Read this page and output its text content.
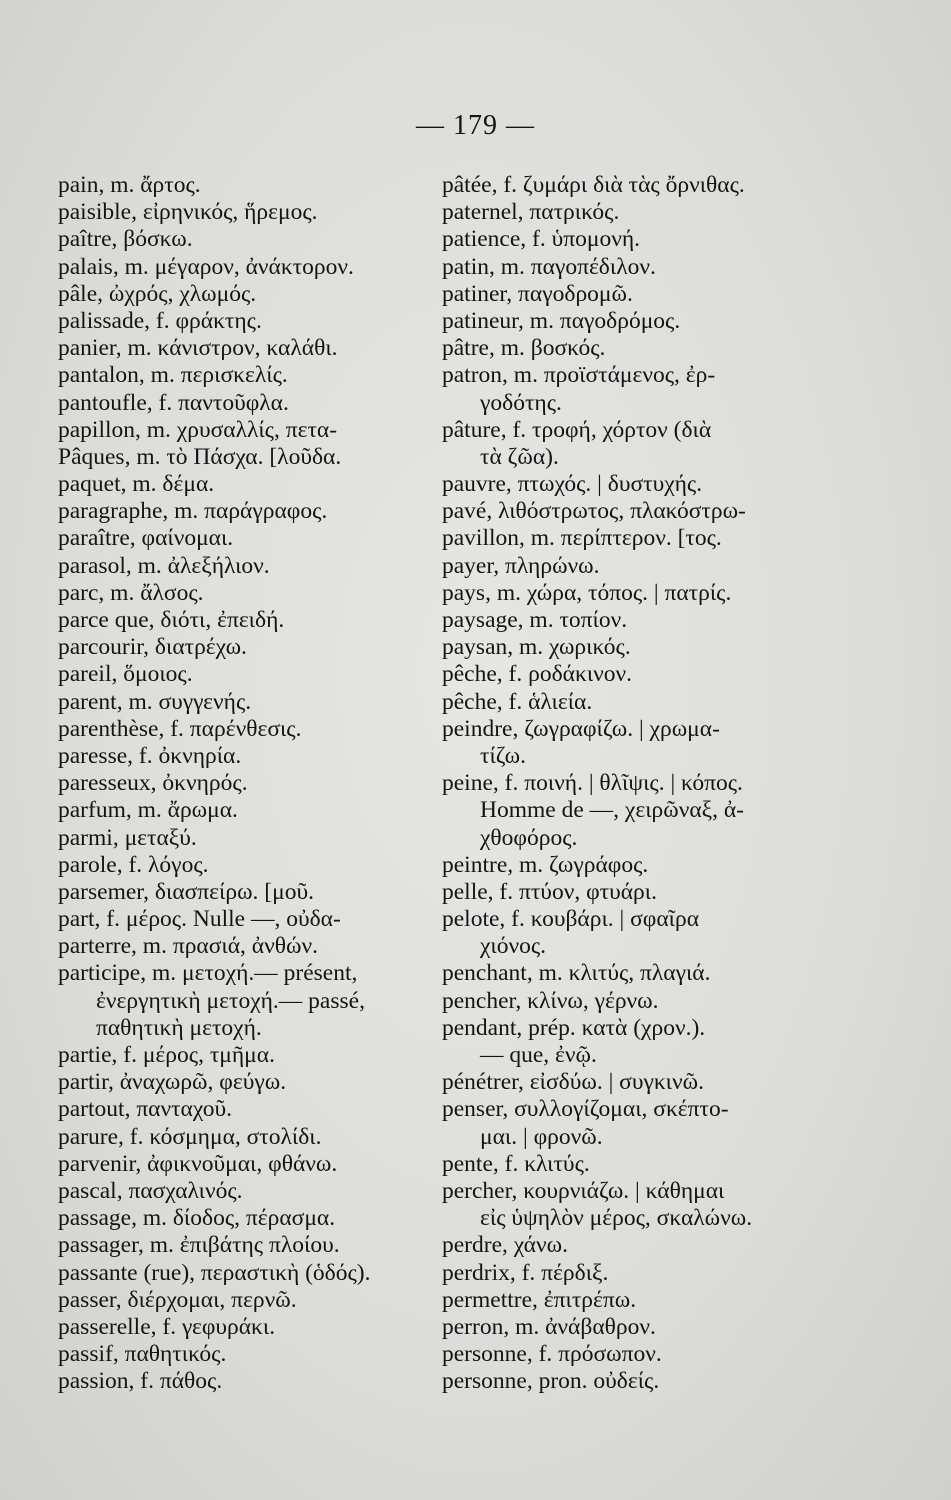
— 179 —
pain, m. ἄρτος.
paisible, εἰρηνικός, ἥρεμος.
paître, βόσκω.
palais, m. μέγαρον, ἀνάκτορον.
pâle, ὠχρός, χλωμός.
palissade, f. φράκτης.
panier, m. κάνιστρον, καλάθι.
pantalon, m. περισκελίς.
pantoufle, f. παντοῦφλα.
papillon, m. χρυσαλλίς, πετα-
Pâques, m. τὸ Πάσχα. [λοῦδα.
paquet, m. δέμα.
paragraphe, m. παράγραφος.
paraître, φαίνομαι.
parasol, m. ἀλεξήλιον.
parc, m. ἄλσος.
parce que, διότι, ἐπειδή.
parcourir, διατρέχω.
pareil, ὅμοιος.
parent, m. συγγενής.
parenthèse, f. παρένθεσις.
paresse, f. ὀκνηρία.
paresseux, ὀκνηρός.
parfum, m. ἄρωμα.
parmi, μεταξύ.
parole, f. λόγος.
parsemer, διασπείρω. [μοῦ.
part, f. μέρος. Nulle —, οὐδα-
parterre, m. πρασιά, ἀνθών.
participe, m. μετοχή.— présent,
ἐνεργητικὴ μετοχή.— passé,
παθητικὴ μετοχή.
partie, f. μέρος, τμῆμα.
partir, ἀναχωρῶ, φεύγω.
partout, πανταχοῦ.
parure, f. κόσμημα, στολίδι.
parvenir, ἀφικνοῦμαι, φθάνω.
pascal, πασχαλινός.
passage, m. δίοδος, πέρασμα.
passager, m. ἐπιβάτης πλοίου.
passante (rue), περαστικὴ (ὁδός).
passer, διέρχομαι, περνῶ.
passerelle, f. γεφυράκι.
passif, παθητικός.
passion, f. πάθος.
pâtée, f. ζυμάρι διὰ τὰς ὄρνιθας.
paternel, πατρικός.
patience, f. ὑπομονή.
patin, m. παγοπέδιλον.
patiner, παγοδρομῶ.
patineur, m. παγοδρόμος.
pâtre, m. βοσκός.
patron, m. προϊστάμενος, ἐρ-
γοδότης.
pâture, f. τροφή, χόρτον (διὰ
τὰ ζῶα).
pauvre, πτωχός. | δυστυχής.
pavé, λιθόστρωτος, πλακόστρω-
pavillon, m. περίπτερον. [τος.
payer, πληρώνω.
pays, m. χώρα, τόπος. | πατρίς.
paysage, m. τοπίον.
paysan, m. χωρικός.
pêche, f. ροδάκινον.
pêche, f. ἁλιεία.
peindre, ζωγραφίζω. | χρωμα-
τίζω.
peine, f. ποινή. | θλῖψις. | κόπος.
Homme de —, χειρῶναξ, ἀ-
χθοφόρος.
peintre, m. ζωγράφος.
pelle, f. πτύον, φτυάρι.
pelote, f. κουβάρι. | σφαῖρα
χιόνος.
penchant, m. κλιτύς, πλαγιά.
pencher, κλίνω, γέρνω.
pendant, prép. κατὰ (χρον.).
— que, ἐνῷ.
pénétrer, εἰσδύω. | συγκινῶ.
penser, συλλογίζομαι, σκέπτο-
μαι. | φρονῶ.
pente, f. κλιτύς.
percher, κουρνιάζω. | κάθημαι
εἰς ὑψηλὸν μέρος, σκαλώνω.
perdre, χάνω.
perdrix, f. πέρδιξ.
permettre, ἐπιτρέπω.
perron, m. ἀνάβαθρον.
personne, f. πρόσωπον.
personne, pron. οὐδείς.
